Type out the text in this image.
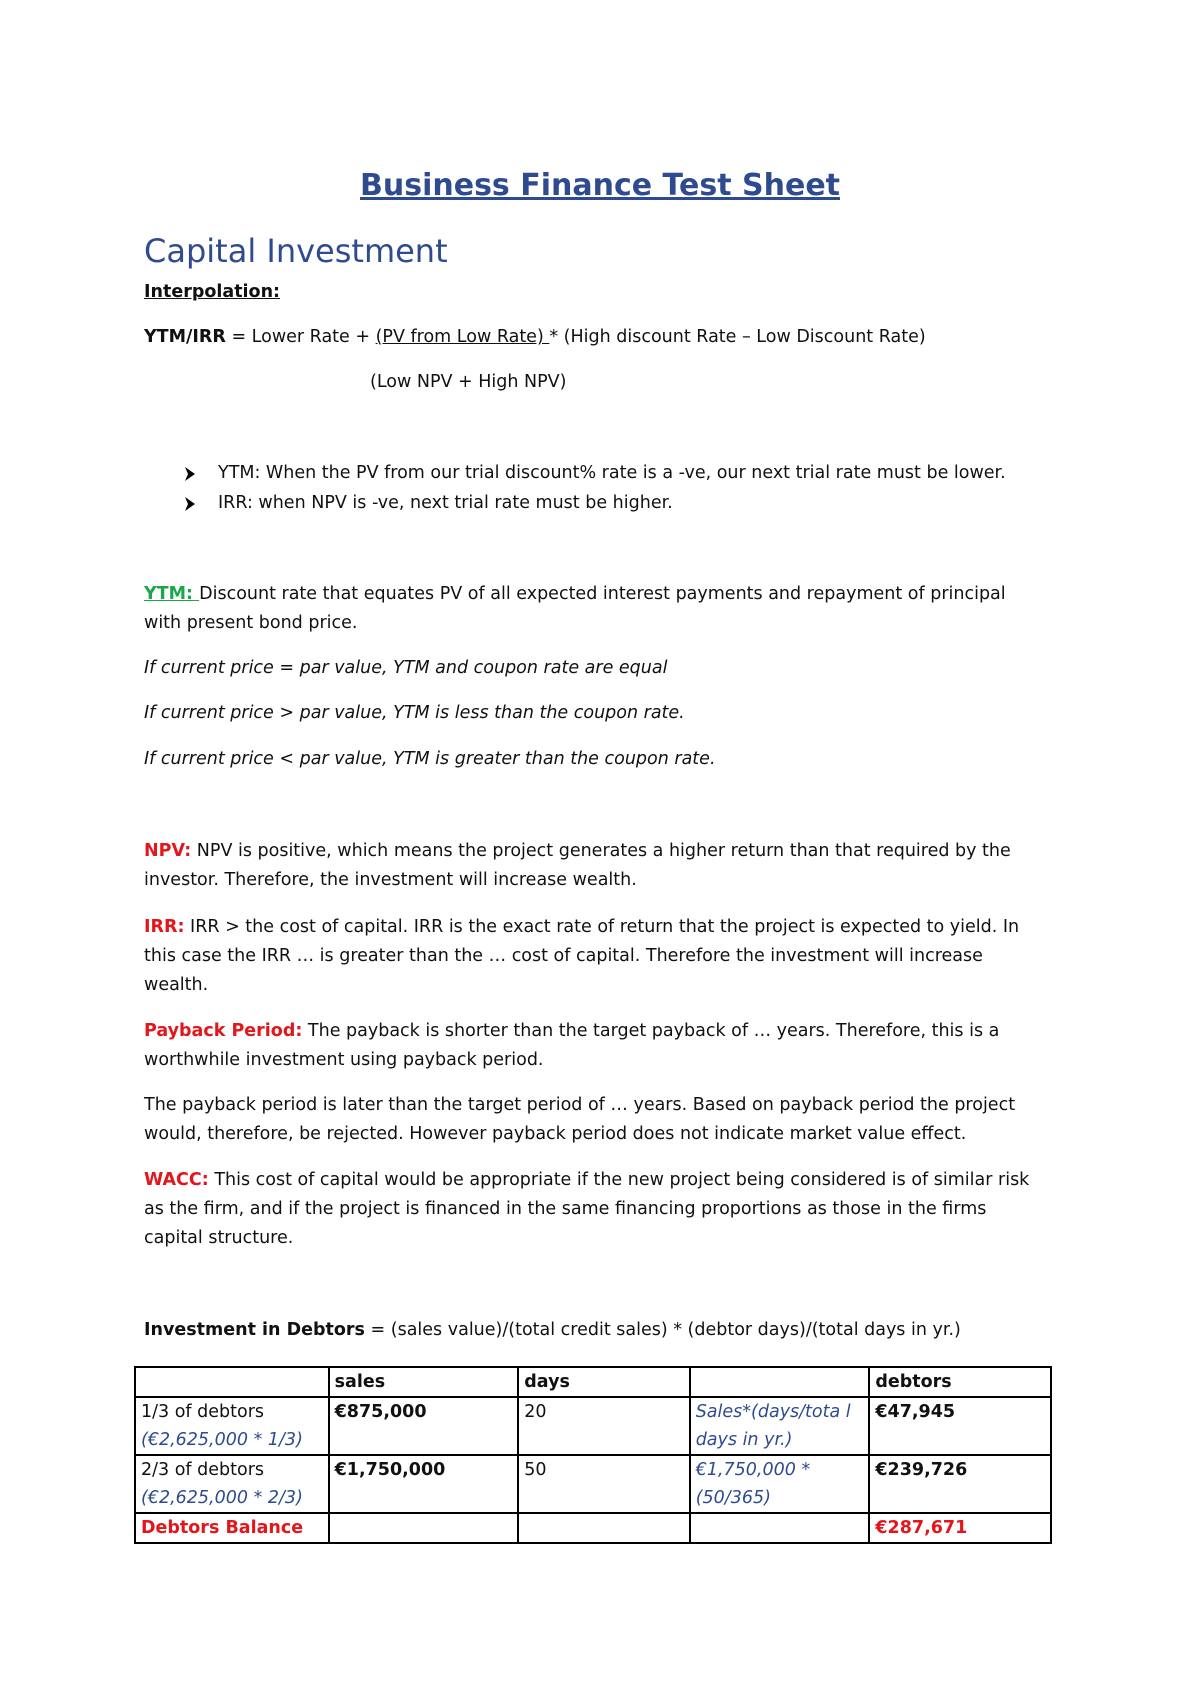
Business Finance Test Sheet
Capital Investment
Interpolation:
YTM/IRR = Lower Rate + (PV from Low Rate) * (High discount Rate – Low Discount Rate)
(Low NPV + High NPV)
YTM: When the PV from our trial discount% rate is a -ve, our next trial rate must be lower.
IRR: when NPV is -ve, next trial rate must be higher.
YTM: Discount rate that equates PV of all expected interest payments and repayment of principal
with present bond price.
If current price = par value, YTM and coupon rate are equal
If current price > par value, YTM is less than the coupon rate.
If current price < par value, YTM is greater than the coupon rate.
NPV: NPV is positive, which means the project generates a higher return than that required by the
investor. Therefore, the investment will increase wealth.
IRR: IRR > the cost of capital. IRR is the exact rate of return that the project is expected to yield. In
this case the IRR … is greater than the … cost of capital. Therefore the investment will increase
wealth.
Payback Period: The payback is shorter than the target payback of … years. Therefore, this is a
worthwhile investment using payback period.
The payback period is later than the target period of … years. Based on payback period the project
would, therefore, be rejected. However payback period does not indicate market value effect.
WACC: This cost of capital would be appropriate if the new project being considered is of similar risk
as the firm, and if the project is financed in the same financing proportions as those in the firms
capital structure.
Investment in Debtors = (sales value)/(total credit sales) * (debtor days)/(total days in yr.)
	sales	days		debtors
1/3 of debtors
(€2,625,000 * 1/3)	€875,000	20	Sales*(days/tota l days in yr.)	€47,945
2/3 of debtors
(€2,625,000 * 2/3)	€1,750,000	50	€1,750,000 * (50/365)	€239,726
Debtors Balance				€287,671
